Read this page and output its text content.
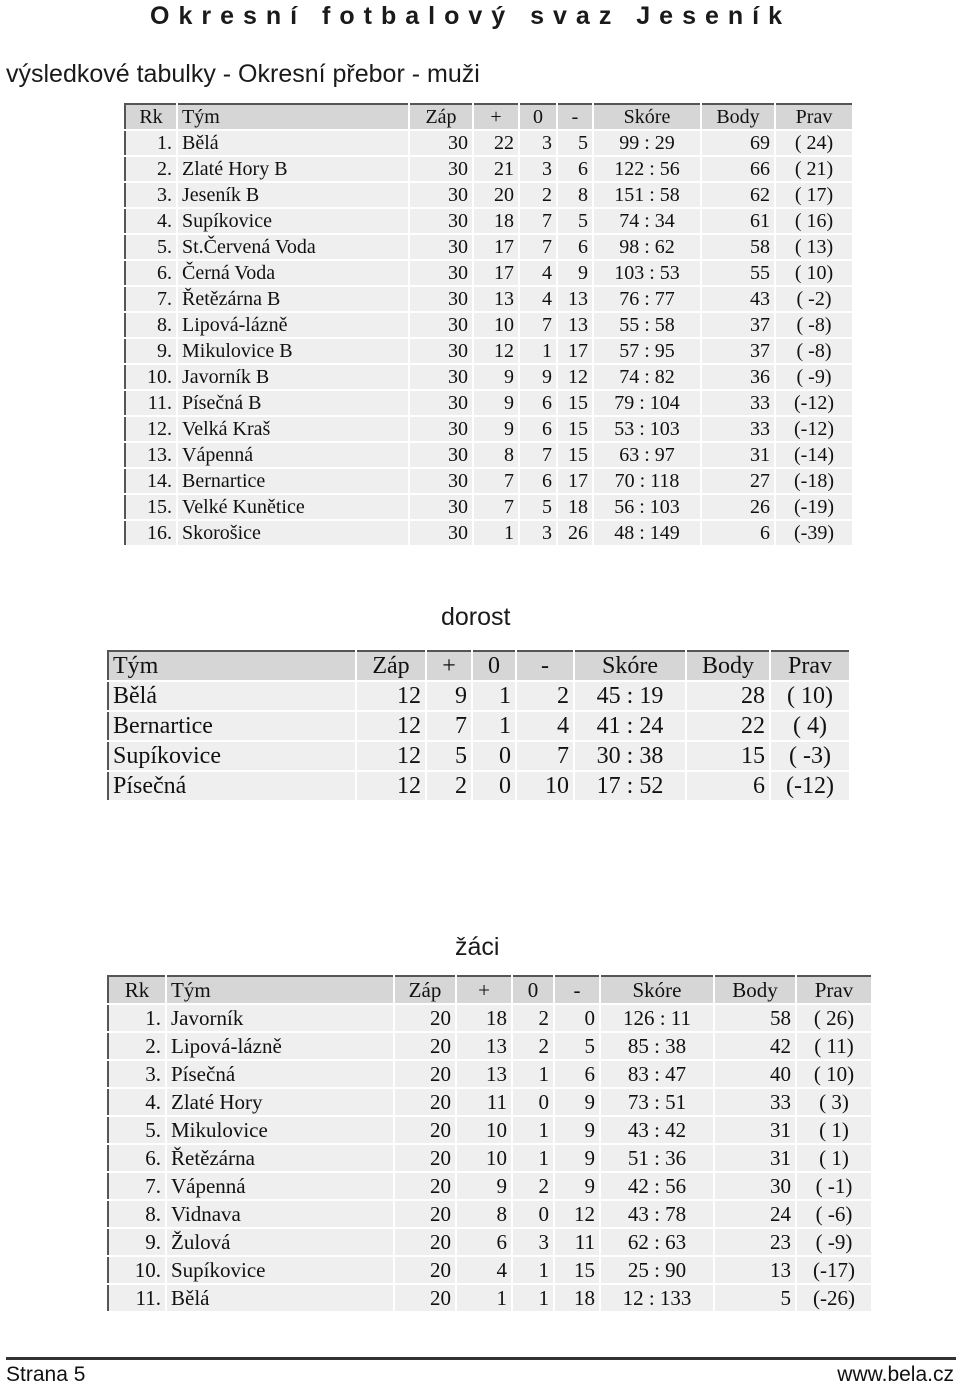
Okresní fotbalový svaz Jeseník
výsledkové tabulky - Okresní přebor - muži
Rk	Tým	Záp	+	0	-	Skóre	Body	Prav
1.	Bělá	30	22	3	5	99 : 29	69	( 24)
2.	Zlaté Hory B	30	21	3	6	122 : 56	66	( 21)
3.	Jeseník B	30	20	2	8	151 : 58	62	( 17)
4.	Supíkovice	30	18	7	5	74 : 34	61	( 16)
5.	St.Červená Voda	30	17	7	6	98 : 62	58	( 13)
6.	Černá Voda	30	17	4	9	103 : 53	55	( 10)
7.	Řetězárna B	30	13	4	13	76 : 77	43	( -2)
8.	Lipová-lázně	30	10	7	13	55 : 58	37	( -8)
9.	Mikulovice B	30	12	1	17	57 : 95	37	( -8)
10.	Javorník B	30	9	9	12	74 : 82	36	( -9)
11.	Písečná B	30	9	6	15	79 : 104	33	(-12)
12.	Velká Kraš	30	9	6	15	53 : 103	33	(-12)
13.	Vápenná	30	8	7	15	63 : 97	31	(-14)
14.	Bernartice	30	7	6	17	70 : 118	27	(-18)
15.	Velké Kunětice	30	7	5	18	56 : 103	26	(-19)
16.	Skorošice	30	1	3	26	48 : 149	6	(-39)
dorost
Tým	Záp	+	0	-	Skóre	Body	Prav
Bělá	12	9	1	2	45 : 19	28	( 10)
Bernartice	12	7	1	4	41 : 24	22	( 4)
Supíkovice	12	5	0	7	30 : 38	15	( -3)
Písečná	12	2	0	10	17 : 52	6	(-12)
žáci
Rk	Tým	Záp	+	0	-	Skóre	Body	Prav
1.	Javorník	20	18	2	0	126 : 11	58	( 26)
2.	Lipová-lázně	20	13	2	5	85 : 38	42	( 11)
3.	Písečná	20	13	1	6	83 : 47	40	( 10)
4.	Zlaté Hory	20	11	0	9	73 : 51	33	( 3)
5.	Mikulovice	20	10	1	9	43 : 42	31	( 1)
6.	Řetězárna	20	10	1	9	51 : 36	31	( 1)
7.	Vápenná	20	9	2	9	42 : 56	30	( -1)
8.	Vidnava	20	8	0	12	43 : 78	24	( -6)
9.	Žulová	20	6	3	11	62 : 63	23	( -9)
10.	Supíkovice	20	4	1	15	25 : 90	13	(-17)
11.	Bělá	20	1	1	18	12 : 133	5	(-26)
Strana 5	www.bela.cz
